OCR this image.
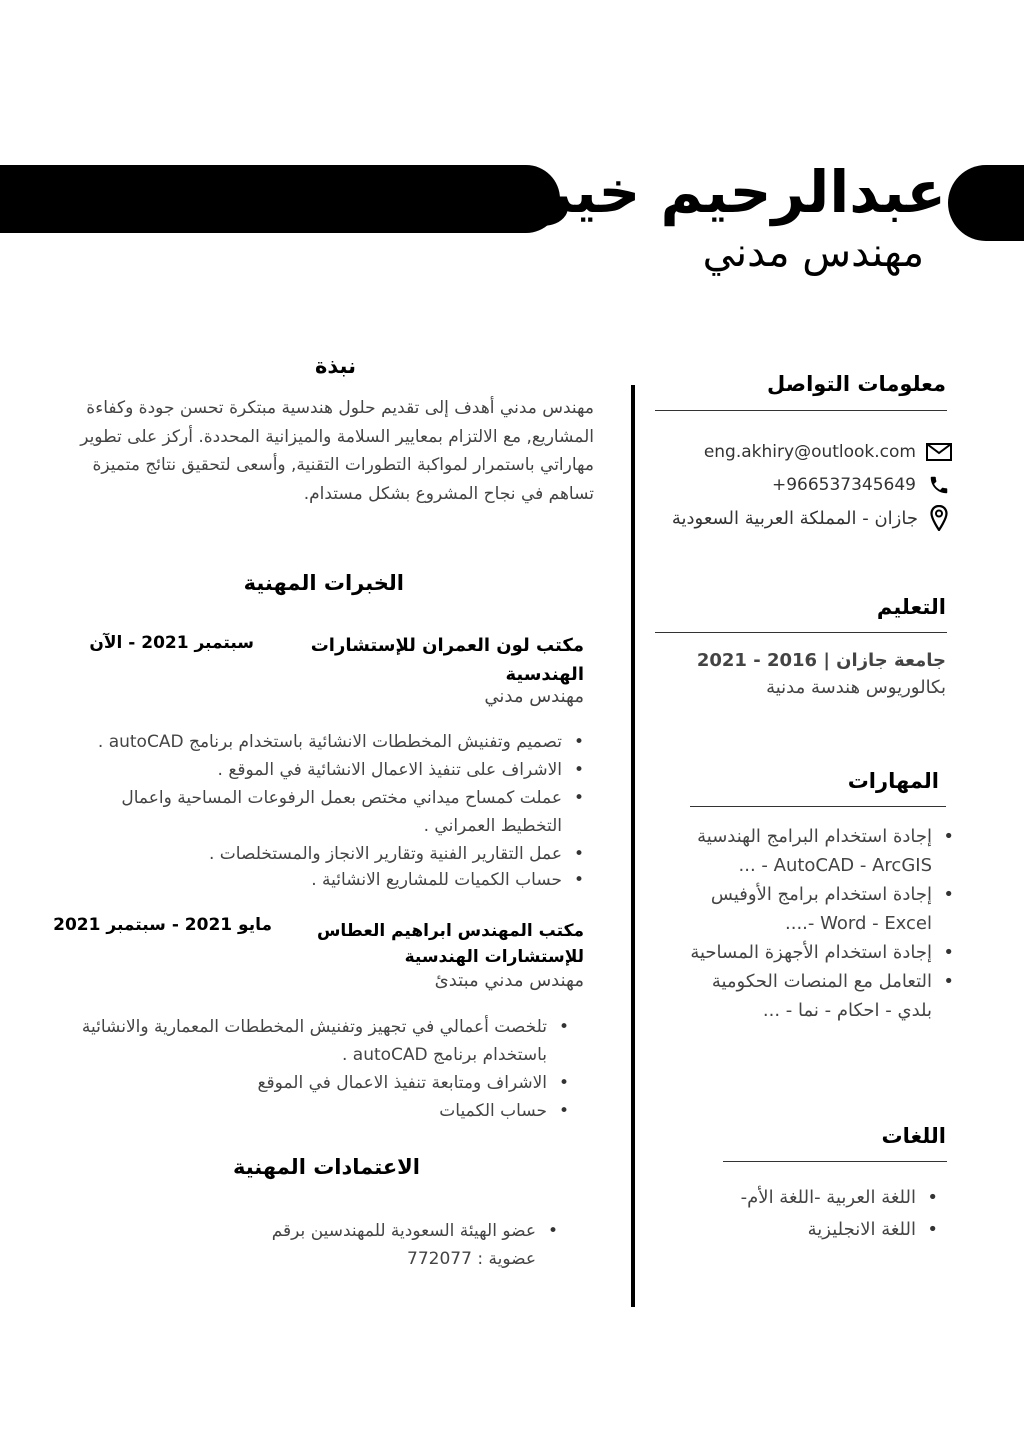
عبدالرحيم خيري
مهندس مدني
معلومات التواصل
eng.akhiry@outlook.com
+966537345649
جازان - المملكة العربية السعودية
التعليم
جامعة جازان | 2016 - 2021
بكالوريوس هندسة مدنية
المهارات
• إجادة استخدام البرامج الهندسية
AutoCAD - ArcGIS - ...
• إجادة استخدام برامج الأوفيس
Word - Excel -....
• إجادة استخدام الأجهزة المساحية
• التعامل مع المنصات الحكومية
بلدي - احكام - نما - ...
اللغات
• اللغة العربية -اللغة الأم-
• اللغة الانجليزية
نبذة
مهندس مدني أهدف إلى تقديم حلول هندسية مبتكرة تحسن جودة وكفاءة المشاريع, مع الالتزام بمعايير السلامة والميزانية المحددة. أركز على تطوير مهاراتي باستمرار لمواكبة التطورات التقنية, وأسعى لتحقيق نتائج متميزة تساهم في نجاح المشروع بشكل مستدام.
الخبرات المهنية
مكتب لون العمران للإستشارات الهندسية
سبتمبر 2021 - الآن
مهندس مدني
• تصميم وتفنيش المخططات الانشائية باستخدام برنامج autoCAD .
• الاشراف على تنفيذ الاعمال الانشائية في الموقع .
• عملت كمساح ميداني مختص بعمل الرفوعات المساحية واعمال التخطيط العمراني .
• عمل التقارير الفنية وتقارير الانجاز والمستخلصات .
• حساب الكميات للمشاريع الانشائية .
مكتب المهندس ابراهيم العطاس للإستشارات الهندسية
مايو 2021 - سبتمبر 2021
مهندس مدني مبتدئ
• تلخصت أعمالي في تجهيز وتفنيش المخططات المعمارية والانشائية باستخدام برنامج autoCAD .
• الاشراف ومتابعة تنفيذ الاعمال في الموقع
• حساب الكميات
الاعتمادات المهنية
• عضو الهيئة السعودية للمهندسين برقم عضوية : 772077
